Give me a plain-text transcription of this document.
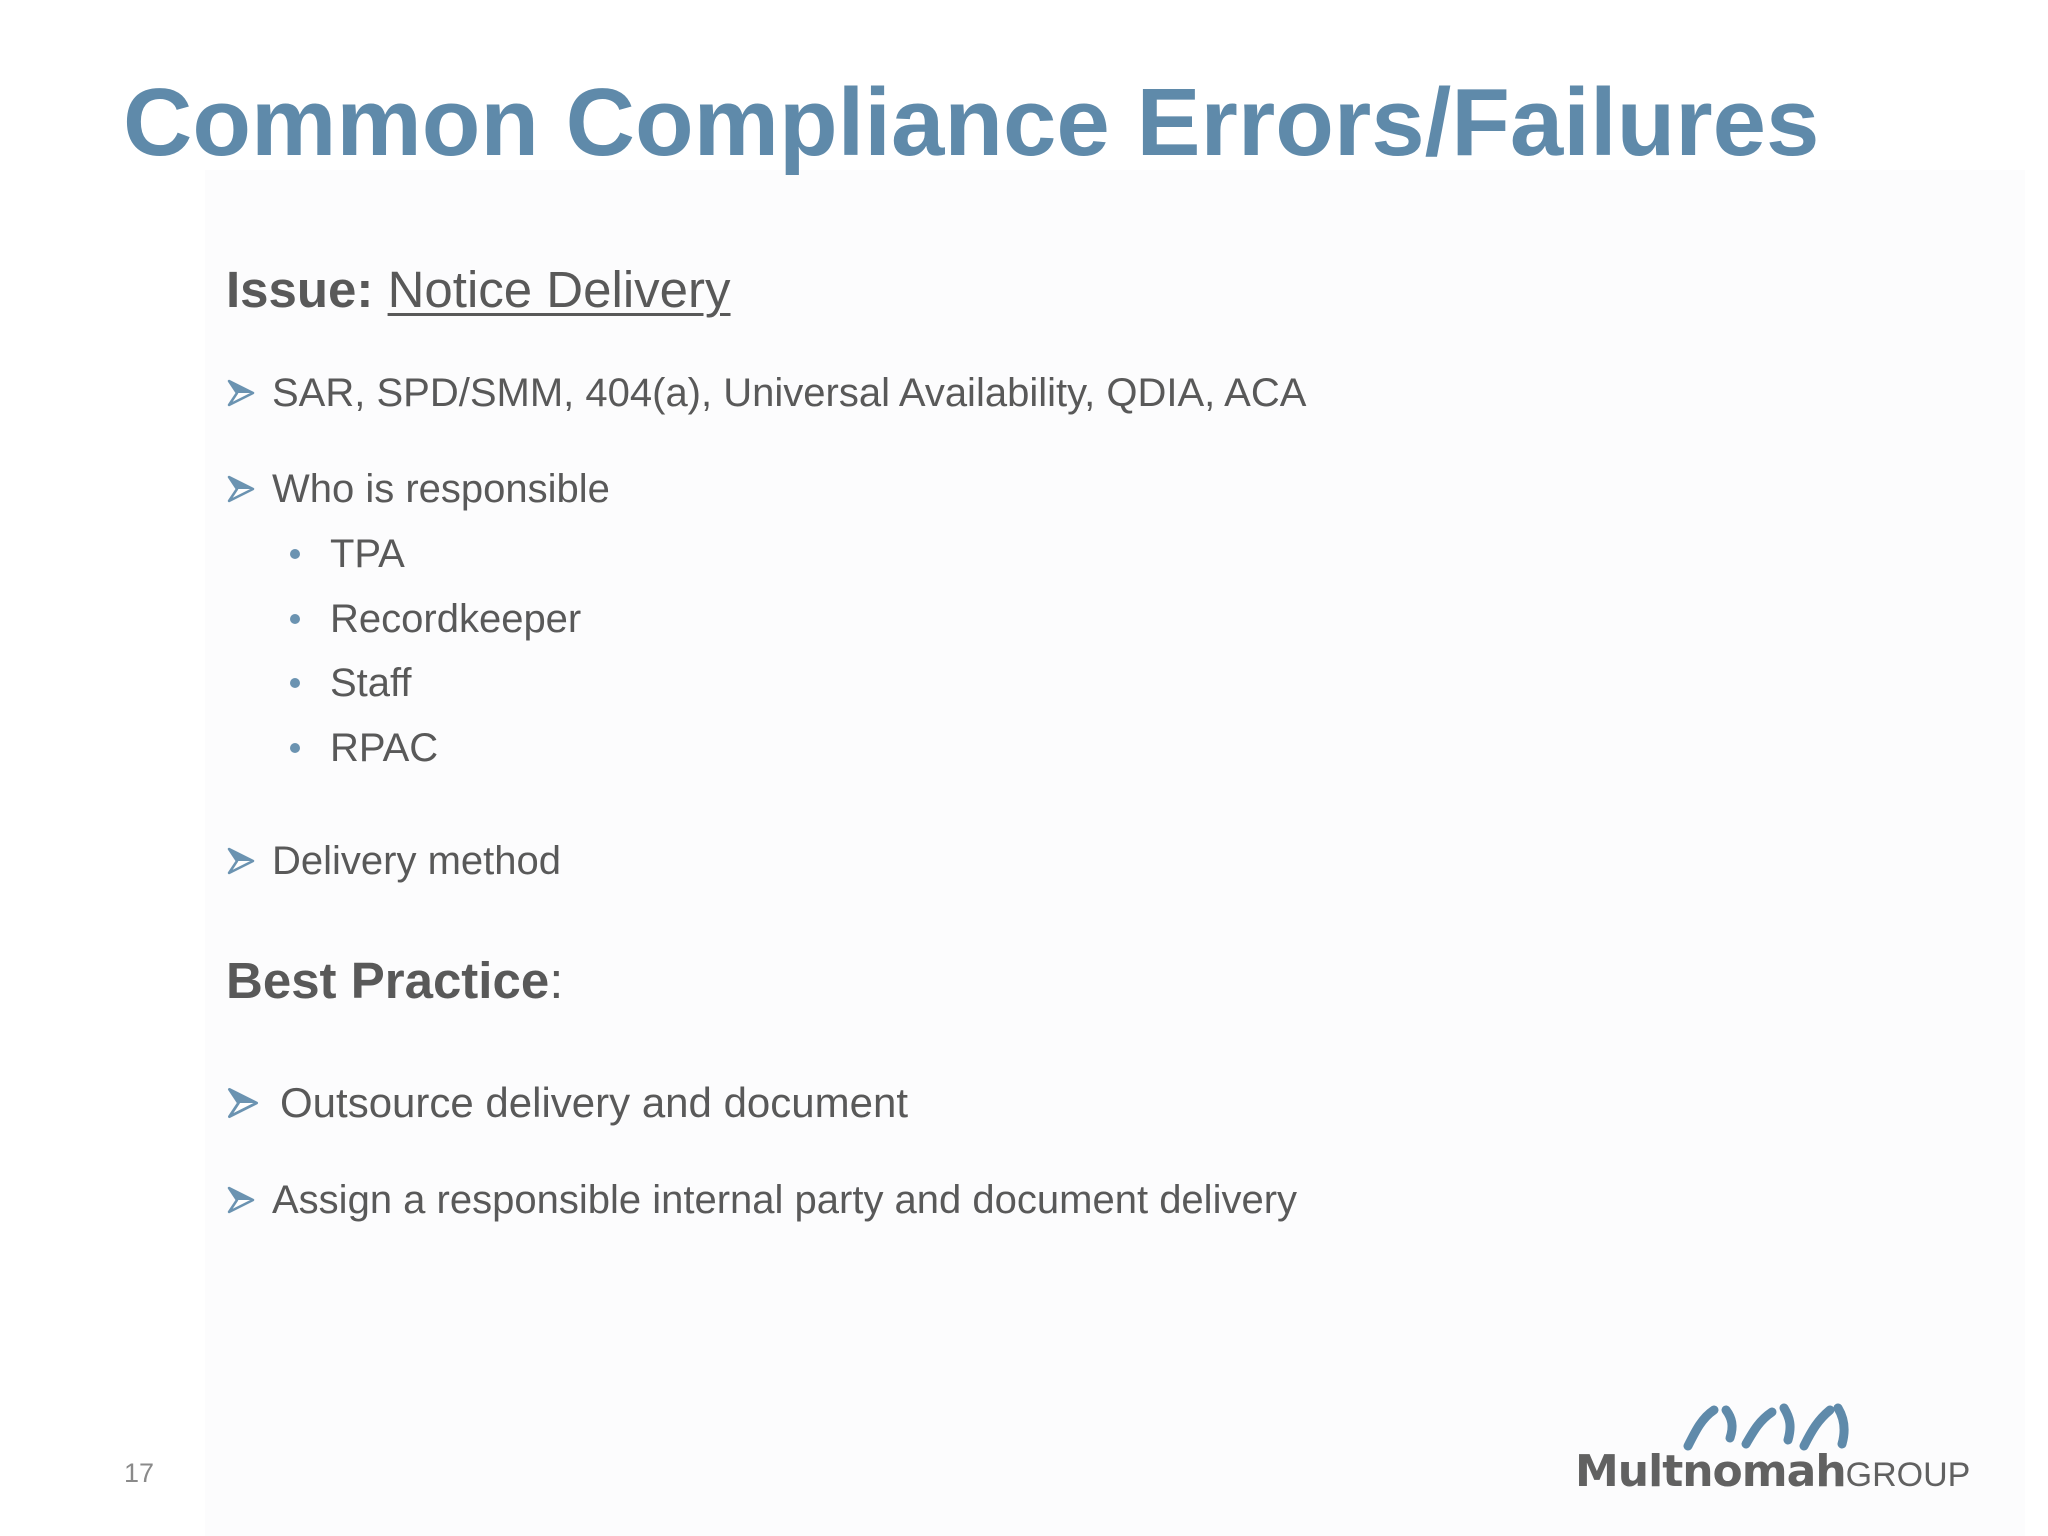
Common Compliance Errors/Failures
Issue: Notice Delivery
SAR, SPD/SMM, 404(a), Universal Availability, QDIA, ACA
Who is responsible
TPA
Recordkeeper
Staff
RPAC
Delivery method
Best Practice:
Outsource delivery and document
Assign a responsible internal party and document delivery
17	MultnomahGROUP
